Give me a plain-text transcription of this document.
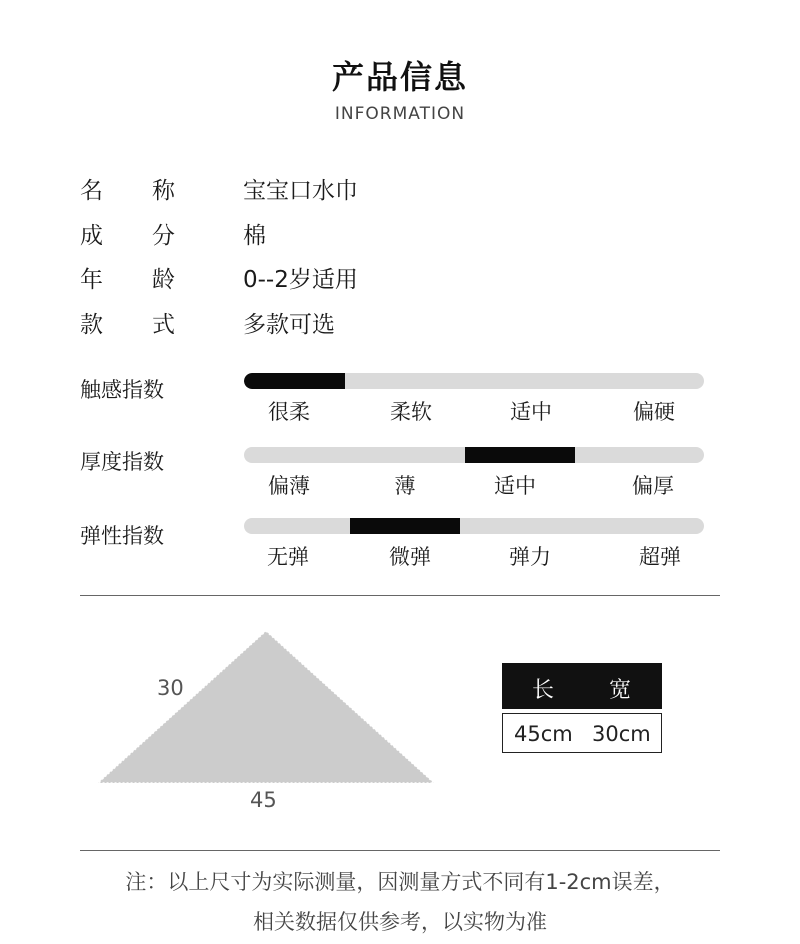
产品信息
INFORMATION
名 称	宝宝口水巾
成 分	棉
年 龄	0--2岁适用
款 式	多款可选
触感指数
很柔	柔软	适中	偏硬
厚度指数
偏薄	薄	适中	偏厚
弹性指数
无弹	微弹	弹力	超弹
30
45
长 宽
45cm 30cm
注：以上尺寸为实际测量，因测量方式不同有1-2cm误差，
相关数据仅供参考，以实物为准
